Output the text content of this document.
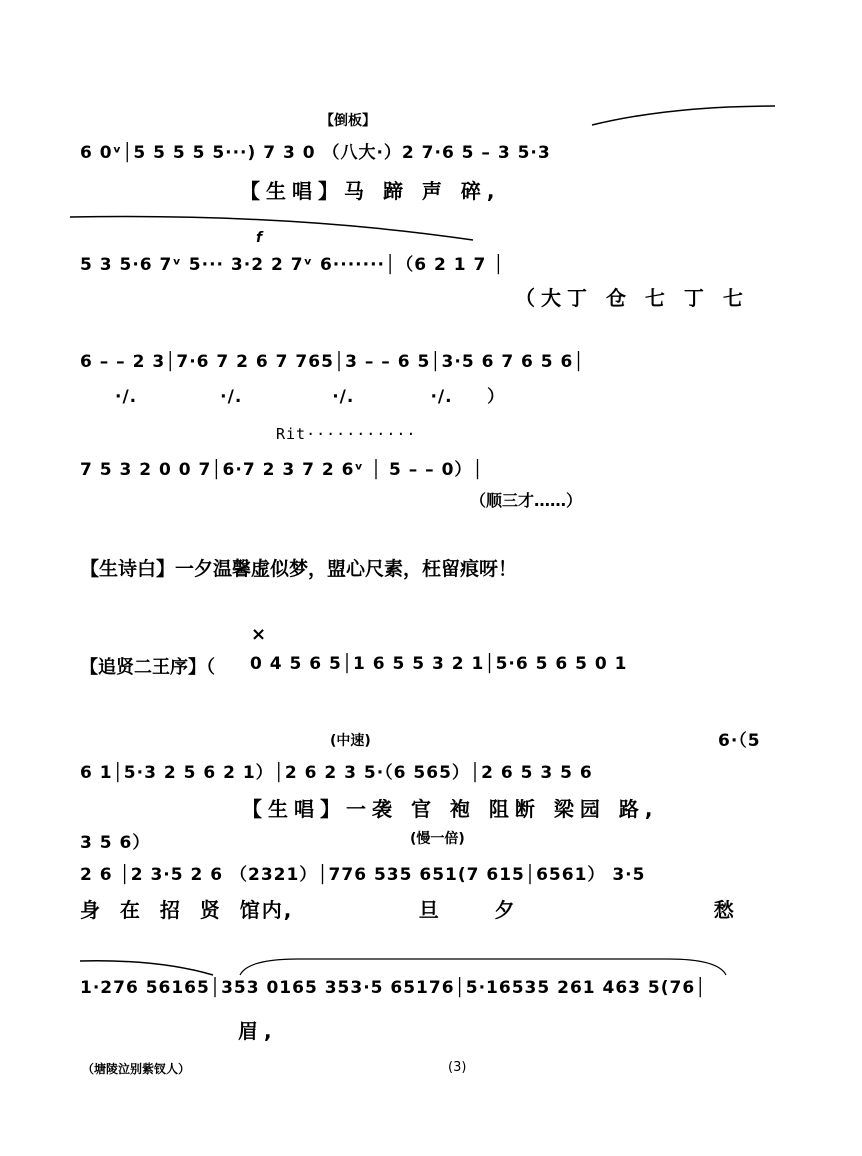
【倒板】
6 0ᵛ│5 5 5 5 5···) 7 3 0 （八大·）2 7·6 5 – 3 5·3
【生唱】马 蹄 声 碎,
f
5 3 5·6 7ᵛ 5··· 3·2 2 7ᵛ 6·······│（6 2 1 7 │
（大丁 仓 七 丁 七
6 – – 2 3│7·6 7 2 6 7 765│3 – – 6 5│3·5 6 7 6 5 6│
·/.            ·/.             ·/.           ·/.     ）
Rit···········
7 5 3 2 0 0 7│6·7 2 3 7 2 6ᵛ │ 5 – – 0）│
（顺三才……）
【生诗白】一夕温馨虚似梦，盟心尺素，枉留痕呀！
×
【追贤二王序】（ 0 4 5 6 5│1 6 5 5 3 2 1│5·6 5 6 5 0 1
(中速)	6·（5
6 1│5·3 2 5 6 2 1）│2 6 2 3 5·（6 565）│2 6 5 3 5 6
【生唱】一袭 官 袍 阻断 梁园 路,
3 5 6）	(慢一倍)
2 6 │2 3·5 2 6 （2321）│776 535 651(7 615│6561） 3·5
身  在  招  贤  馆内,              旦      夕                      愁
1·276 56165│353 0165 353·5 65176│5·16535 261 463 5(76│
眉,
（塘陵泣别紫钗人）	(3)
